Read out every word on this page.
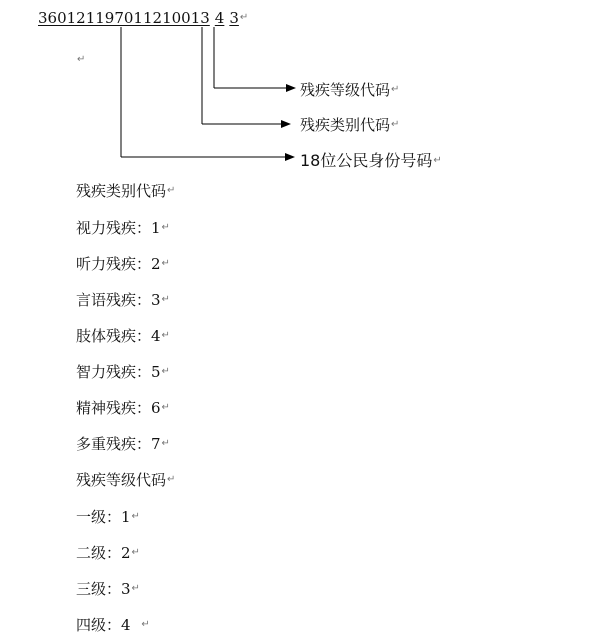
360121197011210013 4 3↵
↵
残疾等级代码↵
残疾类别代码↵
18位公民身份号码↵
残疾类别代码↵
视力残疾：1↵
听力残疾：2↵
言语残疾：3↵
肢体残疾：4↵
智力残疾：5↵
精神残疾：6↵
多重残疾：7↵
残疾等级代码↵
一级：1↵
二级：2↵
三级：3↵
四级：4 ↵
